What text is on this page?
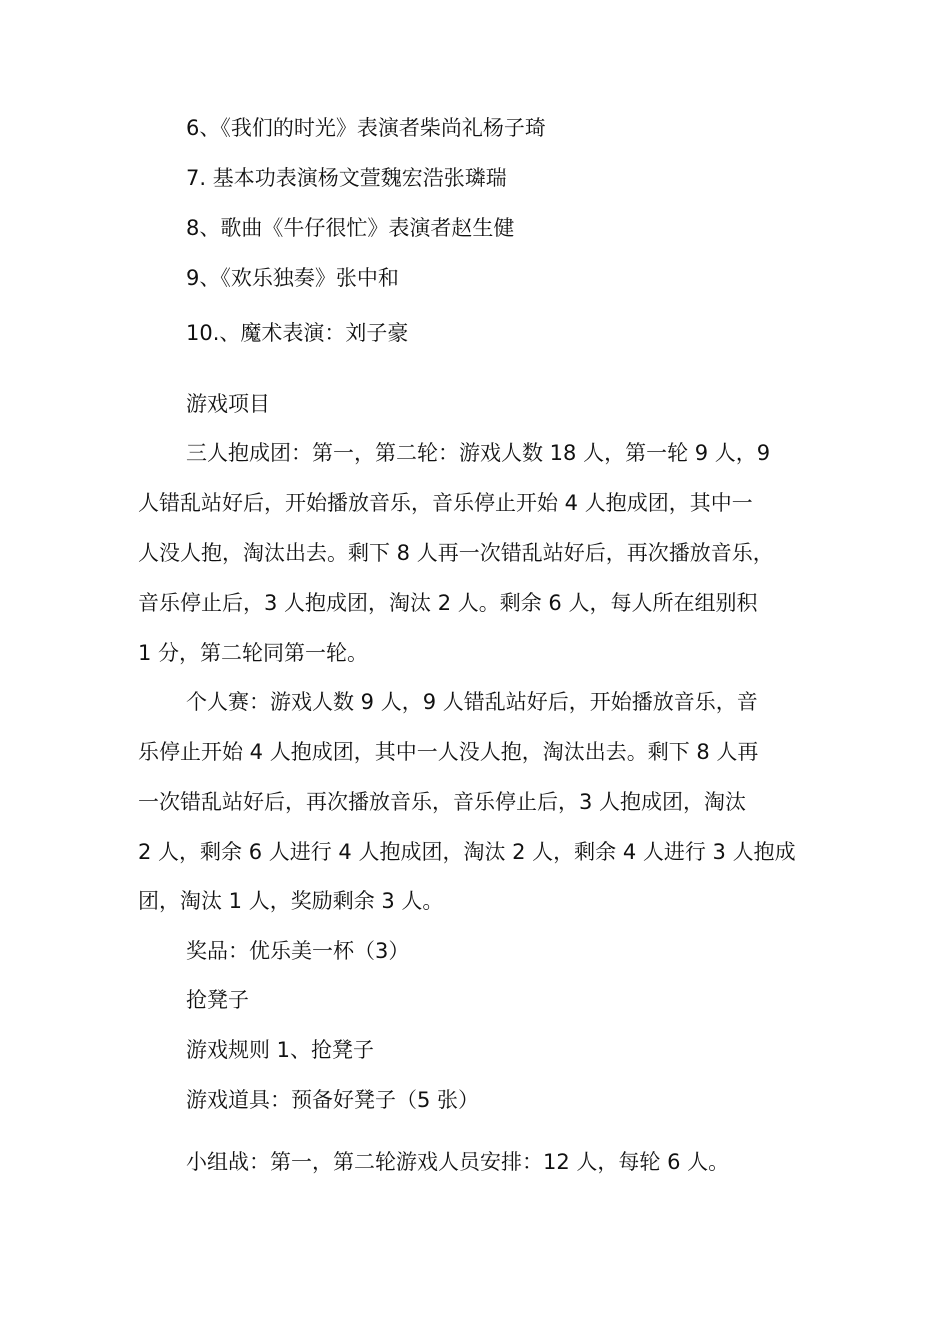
6、《我们的时光》表演者柴尚礼杨子琦
7. 基本功表演杨文萱魏宏浩张璘瑞
8、歌曲《牛仔很忙》表演者赵生健
9、《欢乐独奏》张中和
10.、魔术表演：刘子豪
游戏项目
三人抱成团：第一，第二轮：游戏人数 18 人，第一轮 9 人，9
人错乱站好后，开始播放音乐，音乐停止开始 4 人抱成团，其中一
人没人抱，淘汰出去。剩下 8 人再一次错乱站好后，再次播放音乐，
音乐停止后，3 人抱成团，淘汰 2 人。剩余 6 人，每人所在组别积
1 分，第二轮同第一轮。
个人赛：游戏人数 9 人，9 人错乱站好后，开始播放音乐，音
乐停止开始 4 人抱成团，其中一人没人抱，淘汰出去。剩下 8 人再
一次错乱站好后，再次播放音乐，音乐停止后，3 人抱成团，淘汰
2 人，剩余 6 人进行 4 人抱成团，淘汰 2 人，剩余 4 人进行 3 人抱成
团，淘汰 1 人，奖励剩余 3 人。
奖品：优乐美一杯（3）
抢凳子
游戏规则 1、抢凳子
游戏道具：预备好凳子（5 张）
小组战：第一，第二轮游戏人员安排：12 人，每轮 6 人。
